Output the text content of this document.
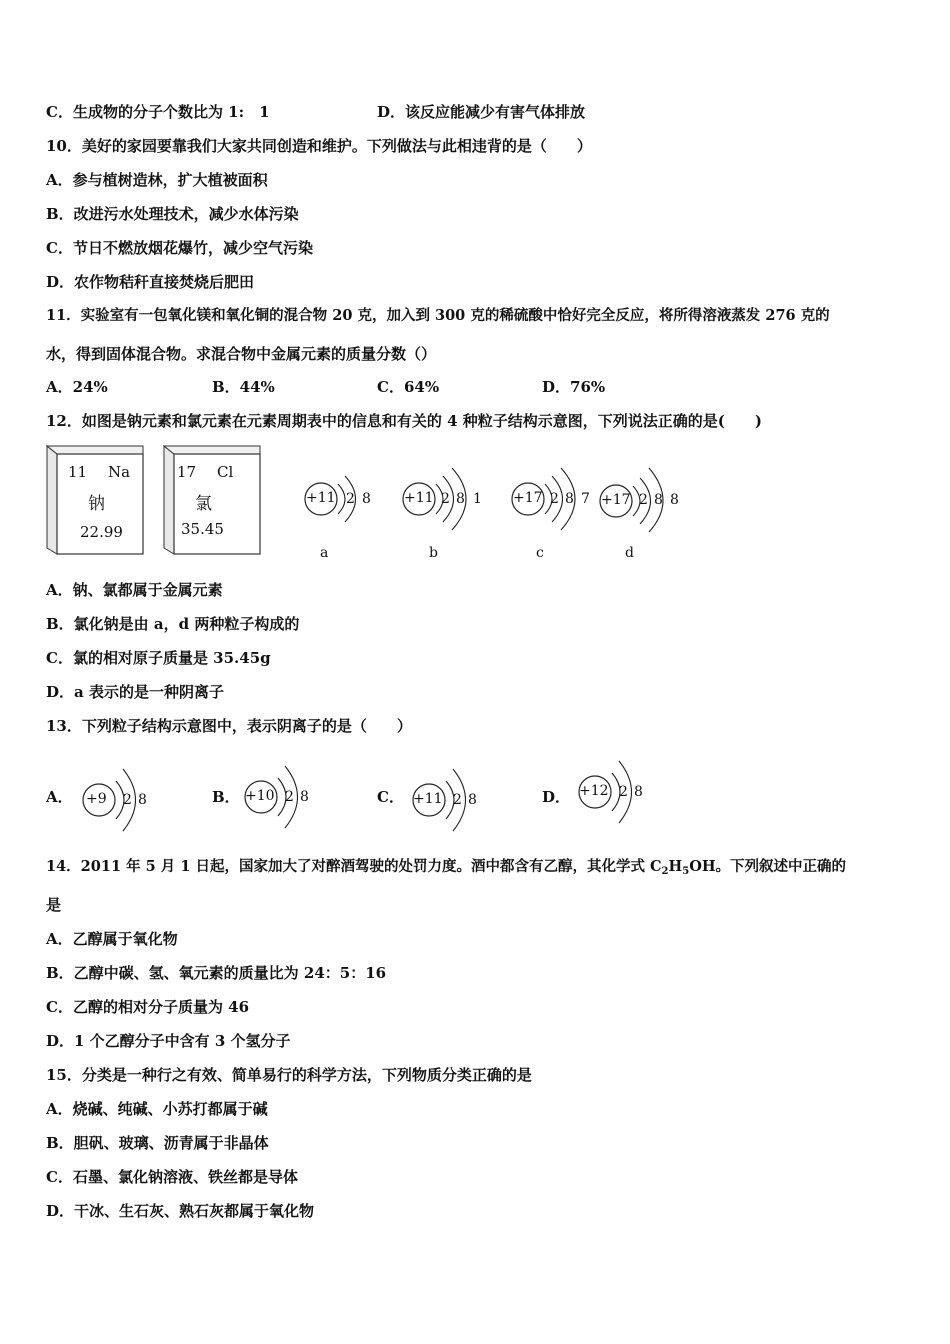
C．生成物的分子个数比为 1:　1	D．该反应能减少有害气体排放
10．美好的家园要靠我们大家共同创造和维护。下列做法与此相违背的是（　　）
A．参与植树造林，扩大植被面积
B．改进污水处理技术，减少水体污染
C．节日不燃放烟花爆竹，减少空气污染
D．农作物秸秆直接焚烧后肥田
11．实验室有一包氧化镁和氧化铜的混合物 20 克，加入到 300 克的稀硫酸中恰好完全反应，将所得溶液蒸发 276 克的
水，得到固体混合物。求混合物中金属元素的质量分数（）
A．24%	B．44%	C．64%	D．76%
12．如图是钠元素和氯元素在元素周期表中的信息和有关的 4 种粒子结构示意图，下列说法正确的是(　　)
11 Na
钠
22.99
17 Cl
氯
35.45
+11 2 8
a
+11 2 8 1
b
+17 2 8 7
c
+17 2 8 8
d
A．钠、氯都属于金属元素
B．氯化钠是由 a，d 两种粒子构成的
C．氯的相对原子质量是 35.45g
D．a 表示的是一种阴离子
13．下列粒子结构示意图中，表示阴离子的是（　　）
A． +9 2 8	B． +10 2 8	C． +11 2 8	D． +12 2 8
14．2011 年 5 月 1 日起，国家加大了对醉酒驾驶的处罚力度。酒中都含有乙醇，其化学式 $C_2H_5OH$。下列叙述中正确的
是
A．乙醇属于氧化物
B．乙醇中碳、氢、氧元素的质量比为 24：5：16
C．乙醇的相对分子质量为 46
D．1 个乙醇分子中含有 3 个氢分子
15．分类是一种行之有效、简单易行的科学方法，下列物质分类正确的是
A．烧碱、纯碱、小苏打都属于碱
B．胆矾、玻璃、沥青属于非晶体
C．石墨、氯化钠溶液、铁丝都是导体
D．干冰、生石灰、熟石灰都属于氧化物
